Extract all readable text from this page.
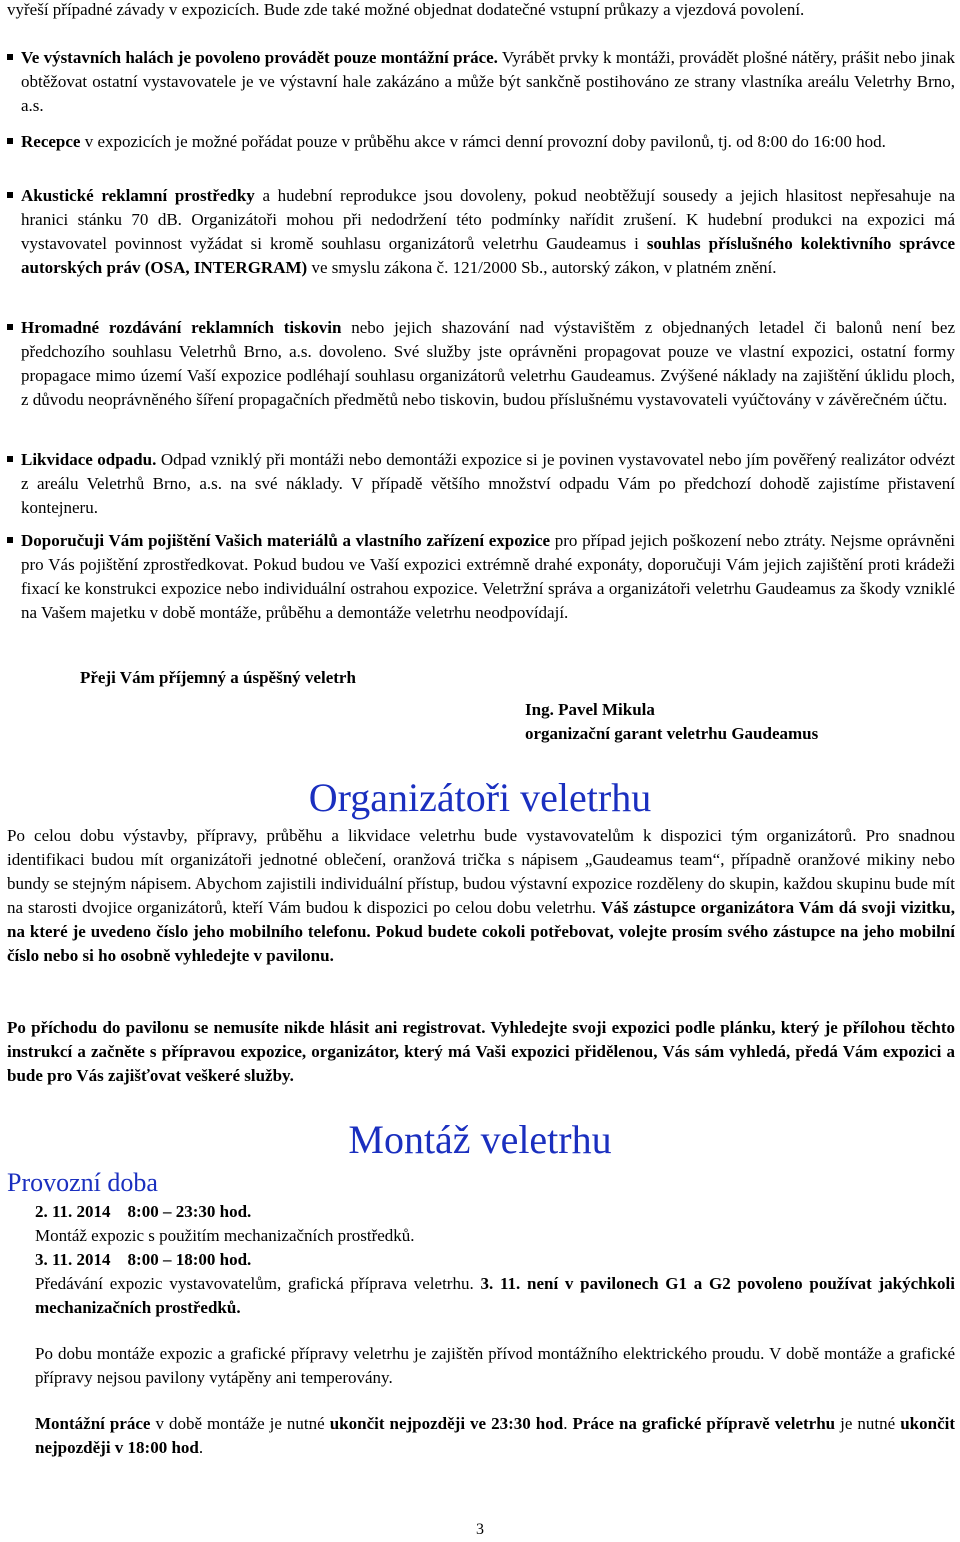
vyřeší případné závady v expozicích. Bude zde také možné objednat dodatečné vstupní průkazy a vjezdová povolení.

Ve výstavních halách je povoleno provádět pouze montážní práce. Vyrábět prvky k montáži, provádět plošné nátěry, prášit nebo jinak obtěžovat ostatní vystavovatele je ve výstavní hale zakázáno a může být sankčně postihováno ze strany vlastníka areálu Veletrhy Brno, a.s.

Recepce v expozicích je možné pořádat pouze v průběhu akce v rámci denní provozní doby pavilonů, tj. od 8:00 do 16:00 hod.

Akustické reklamní prostředky a hudební reprodukce jsou dovoleny, pokud neobtěžují sousedy a jejich hlasitost nepřesahuje na hranici stánku 70 dB. Organizátoři mohou při nedodržení této podmínky nařídit zrušení. K hudební produkci na expozici má vystavovatel povinnost vyžádat si kromě souhlasu organizátorů veletrhu Gaudeamus i souhlas příslušného kolektivního správce autorských práv (OSA, INTERGRAM) ve smyslu zákona č. 121/2000 Sb., autorský zákon, v platném znění.

Hromadné rozdávání reklamních tiskovin nebo jejich shazování nad výstavištěm z objednaných letadel či balonů není bez předchozího souhlasu Veletrhů Brno, a.s. dovoleno. Své služby jste oprávněni propagovat pouze ve vlastní expozici, ostatní formy propagace mimo území Vaší expozice podléhají souhlasu organizátorů veletrhu Gaudeamus. Zvýšené náklady na zajištění úklidu ploch, z důvodu neoprávněného šíření propagačních předmětů nebo tiskovin, budou příslušnému vystavovateli vyúčtovány v závěrečném účtu.

Likvidace odpadu. Odpad vzniklý při montáži nebo demontáži expozice si je povinen vystavovatel nebo jím pověřený realizátor odvézt z areálu Veletrhů Brno, a.s. na své náklady. V případě většího množství odpadu Vám po předchozí dohodě zajistíme přistavení kontejneru.

Doporučuji Vám pojištění Vašich materiálů a vlastního zařízení expozice pro případ jejich poškození nebo ztráty. Nejsme oprávněni pro Vás pojištění zprostředkovat. Pokud budou ve Vaší expozici extrémně drahé exponáty, doporučuji Vám jejich zajištění proti krádeži fixací ke konstrukci expozice nebo individuální ostrahou expozice. Veletržní správa a organizátoři veletrhu Gaudeamus za škody vzniklé na Vašem majetku v době montáže, průběhu a demontáže veletrhu neodpovídají.

Přeji Vám příjemný a úspěšný veletrh

Ing. Pavel Mikula

organizační garant veletrhu Gaudeamus

Organizátoři veletrhu

Po celou dobu výstavby, přípravy, průběhu a likvidace veletrhu bude vystavovatelům k dispozici tým organizátorů. Pro snadnou identifikaci budou mít organizátoři jednotné oblečení, oranžová trička s nápisem „Gaudeamus team“, případně oranžové mikiny nebo bundy se stejným nápisem. Abychom zajistili individuální přístup, budou výstavní expozice rozděleny do skupin, každou skupinu bude mít na starosti dvojice organizátorů, kteří Vám budou k dispozici po celou dobu veletrhu. Váš zástupce organizátora Vám dá svoji vizitku, na které je uvedeno číslo jeho mobilního telefonu. Pokud budete cokoli potřebovat, volejte prosím svého zástupce na jeho mobilní číslo nebo si ho osobně vyhledejte v pavilonu.

Po příchodu do pavilonu se nemusíte nikde hlásit ani registrovat. Vyhledejte svoji expozici podle plánku, který je přílohou těchto instrukcí a začněte s přípravou expozice, organizátor, který má Vaši expozici přidělenou, Vás sám vyhledá, předá Vám expozici a bude pro Vás zajišťovat veškeré služby.

Montáž veletrhu
Provozní doba

2. 11. 2014    8:00 – 23:30 hod.

Montáž expozic s použitím mechanizačních prostředků.

3. 11. 2014    8:00 – 18:00 hod.

Předávání expozic vystavovatelům, grafická příprava veletrhu. 3. 11. není v pavilonech G1 a G2 povoleno používat jakýchkoli mechanizačních prostředků.

Po dobu montáže expozic a grafické přípravy veletrhu je zajištěn přívod montážního elektrického proudu. V době montáže a grafické přípravy nejsou pavilony vytápěny ani temperovány.

Montážní práce v době montáže je nutné ukončit nejpozději ve 23:30 hod. Práce na grafické přípravě veletrhu je nutné ukončit nejpozději v 18:00 hod.

3
